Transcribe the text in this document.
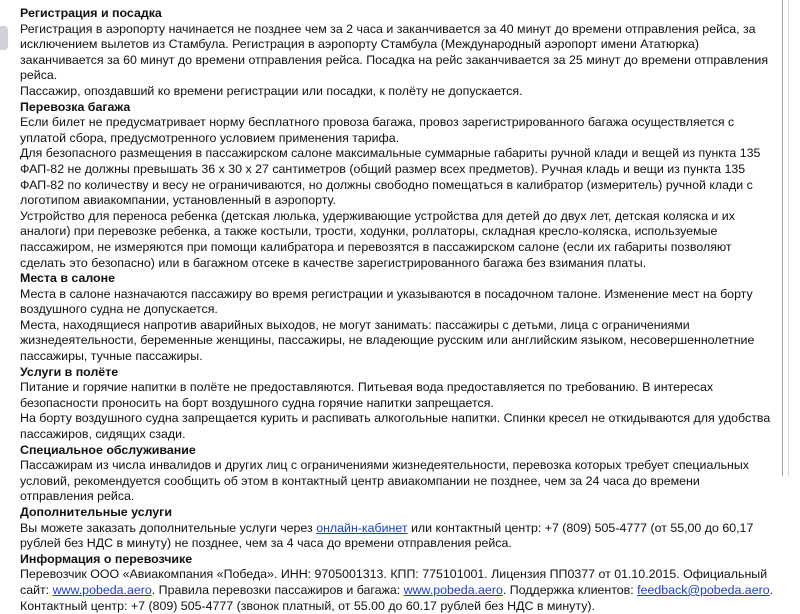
Регистрация и посадка
Регистрация в аэропорту начинается не позднее чем за 2 часа и заканчивается за 40 минут до времени отправления рейса, за исключением вылетов из Стамбула. Регистрация в аэропорту Стамбула (Международный аэропорт имени Ататюрка) заканчивается за 60 минут до времени отправления рейса. Посадка на рейс заканчивается за 25 минут до времени отправления рейса.
Пассажир, опоздавший ко времени регистрации или посадки, к полёту не допускается.
Перевозка багажа
Если билет не предусматривает норму бесплатного провоза багажа, провоз зарегистрированного багажа осуществляется с уплатой сбора, предусмотренного условием применения тарифа.
Для безопасного размещения в пассажирском салоне максимальные суммарные габариты ручной клади и вещей из пункта 135 ФАП-82 не должны превышать 36 х 30 х 27 сантиметров (общий размер всех предметов). Ручная кладь и вещи из пункта 135 ФАП-82 по количеству и весу не ограничиваются, но должны свободно помещаться в калибратор (измеритель) ручной клади с логотипом авиакомпании, установленный в аэропорту.
Устройство для переноса ребенка (детская люлька, удерживающие устройства для детей до двух лет, детская коляска и их аналоги) при перевозке ребенка, а также костыли, трости, ходунки, роллаторы, складная кресло-коляска, используемые пассажиром, не измеряются при помощи калибратора и перевозятся в пассажирском салоне (если их габариты позволяют сделать это безопасно) или в багажном отсеке в качестве зарегистрированного багажа без взимания платы.
Места в салоне
Места в салоне назначаются пассажиру во время регистрации и указываются в посадочном талоне. Изменение мест на борту воздушного судна не допускается.
Места, находящиеся напротив аварийных выходов, не могут занимать: пассажиры с детьми, лица с ограничениями жизнедеятельности, беременные женщины, пассажиры, не владеющие русским или английским языком, несовершеннолетние пассажиры, тучные пассажиры.
Услуги в полёте
Питание и горячие напитки в полёте не предоставляются. Питьевая вода предоставляется по требованию. В интересах безопасности проносить на борт воздушного судна горячие напитки запрещается.
На борту воздушного судна запрещается курить и распивать алкогольные напитки. Спинки кресел не откидываются для удобства пассажиров, сидящих сзади.
Специальное обслуживание
Пассажирам из числа инвалидов и других лиц с ограничениями жизнедеятельности, перевозка которых требует специальных условий, рекомендуется сообщить об этом в контактный центр авиакомпании не позднее, чем за 24 часа до времени отправления рейса.
Дополнительные услуги
Вы можете заказать дополнительные услуги через онлайн-кабинет или контактный центр: +7 (809) 505-4777 (от 55,00 до 60,17 рублей без НДС в минуту) не позднее, чем за 4 часа до времени отправления рейса.
Информация о перевозчике
Перевозчик ООО «Авиакомпания «Победа». ИНН: 9705001313. КПП: 775101001. Лицензия ПП0377 от 01.10.2015. Официальный сайт: www.pobeda.aero. Правила перевозки пассажиров и багажа: www.pobeda.aero. Поддержка клиентов: feedback@pobeda.aero. Контактный центр: +7 (809) 505-4777 (звонок платный, от 55.00 до 60.17 рублей без НДС в минуту).
